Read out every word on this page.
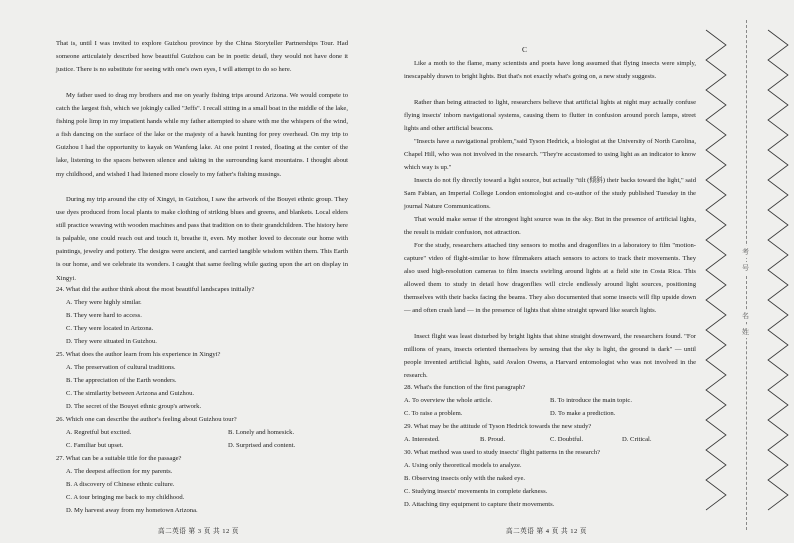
That is, until I was invited to explore Guizhou province by the China Storyteller Partnerships Tour. Had someone articulately described how beautiful Guizhou can be in poetic detail, they would not have done it justice. There is no substitute for seeing with one's own eyes, I will attempt to do so here.

My father used to drag my brothers and me on yearly fishing trips around Arizona. We would compete to catch the largest fish, which we jokingly called "Jeffs". I recall sitting in a small boat in the middle of the lake, fishing pole limp in my impatient hands while my father attempted to share with me the whispers of the wind, a fish dancing on the surface of the lake or the majesty of a hawk hunting for prey overhead. On my trip to Guizhou I had the opportunity to kayak on Wanfeng lake. At one point I rested, floating at the center of the lake, listening to the spaces between silence and taking in the surrounding karst mountains. I thought about my childhood, and wished I had listened more closely to my father's fishing musings.

During my trip around the city of Xingyi, in Guizhou, I saw the artwork of the Bouyei ethnic group. They use dyes produced from local plants to make clothing of striking blues and greens, and blankets. Local elders still practice weaving with wooden machines and pass that tradition on to their grandchildren. The history here is palpable, one could reach out and touch it, breathe it, even. My mother loved to decorate our home with paintings, jewelry and pottery. The designs were ancient, and carried tangible wisdom within them. This Earth is our home, and we celebrate its wonders. I caught that same feeling while gazing upon the art on display in Xingyi.

24. What did the author think about the most beautiful landscapes initially?
A. They were highly similar.
B. They were hard to access.
C. They were located in Arizona.
D. They were situated in Guizhou.
25. What does the author learn from his experience in Xingyi?
A. The preservation of cultural traditions.
B. The appreciation of the Earth wonders.
C. The similarity between Arizona and Guizhou.
D. The secret of the Bouyei ethnic group's artwork.
26. Which one can describe the author's feeling about Guizhou tour?
A. Regretful but excited.	B. Lonely and homesick.
C. Familiar but upset.	D. Surprised and content.
27. What can be a suitable title for the passage?
A. The deepest affection for my parents.
B. A discovery of Chinese ethnic culture.
C. A tour bringing me back to my childhood.
D. My harvest away from my hometown Arizona.
高二英语 第 3 页 共 12 页
C

Like a moth to the flame, many scientists and poets have long assumed that flying insects were simply, inescapably drawn to bright lights. But that's not exactly what's going on, a new study suggests.

Rather than being attracted to light, researchers believe that artificial lights at night may actually confuse flying insects' inborn navigational systems, causing them to flutter in confusion around porch lamps, street lights and other artificial beacons.

"Insects have a navigational problem,"said Tyson Hedrick, a biologist at the University of North Carolina, Chapel Hill, who was not involved in the research. "They're accustomed to using light as an indicator to know which way is up."

Insects do not fly directly toward a light source, but actually "tilt (倾斜) their backs toward the light," said Sam Fabian, an Imperial College London entomologist and co-author of the study published Tuesday in the journal Nature Communications.

That would make sense if the strongest light source was in the sky. But in the presence of artificial lights, the result is midair confusion, not attraction.

For the study, researchers attached tiny sensors to moths and dragonflies in a laboratory to film "motion-capture" video of flight-similar to how filmmakers attach sensors to actors to track their movements. They also used high-resolution cameras to film insects swirling around lights at a field site in Costa Rica. This allowed them to study in detail how dragonflies will circle endlessly around light sources, positioning themselves with their backs facing the beams. They also documented that some insects will flip upside down — and often crash land — in the presence of lights that shine straight upward like search lights.

Insect flight was least disturbed by bright lights that shine straight downward, the researchers found. "For millions of years, insects oriented themselves by sensing that the sky is light, the ground is dark" — until people invented artificial lights, said Avalon Owens, a Harvard entomologist who was not involved in the research.

28. What's the function of the first paragraph?
A. To overview the whole article.	B. To introduce the main topic.
C. To raise a problem.	D. To make a prediction.
29. What may be the attitude of Tyson Hedrick towards the new study?
A. Interested.	B. Proud.	C. Doubtful.	D. Critical.
30. What method was used to study insects' flight patterns in the research?
A. Using only theoretical models to analyze.
B. Observing insects only with the naked eye.
C. Studying insects' movements in complete darkness.
D. Attaching tiny equipment to capture their movements.
高二英语 第 4 页 共 12 页
考
号
名
姓
